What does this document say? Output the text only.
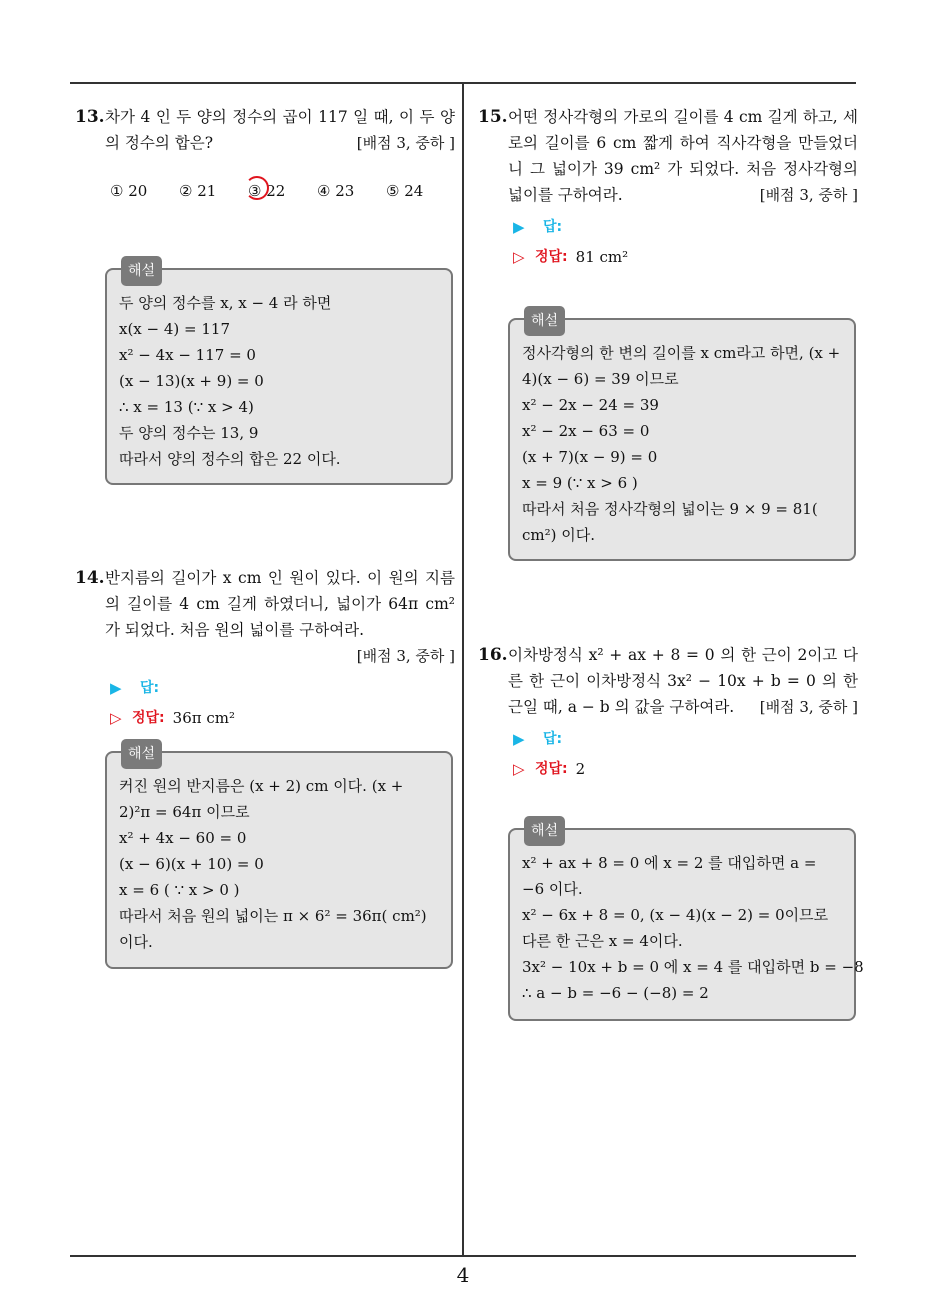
13. 차가 4 인 두 양의 정수의 곱이 117 일 때, 이 두 양의 정수의 합은?	[배점 3, 중하 ]
① 20	② 21	③ 22	④ 23	⑤ 24
해설
두 양의 정수를 x, x − 4 라 하면
x(x − 4) = 117
x² − 4x − 117 = 0
(x − 13)(x + 9) = 0
∴ x = 13 (∵ x > 4)
두 양의 정수는 13, 9
따라서 양의 정수의 합은 22 이다.
14. 반지름의 길이가 x cm 인 원이 있다. 이 원의 지름의 길이를 4 cm 길게 하였더니, 넓이가 64π cm² 가 되었다. 처음 원의 넓이를 구하여라.
[배점 3, 중하 ]
▶	답:
▷ 정답: 36π cm²
해설
커진 원의 반지름은 (x + 2) cm 이다. (x + 2)²π = 64π 이므로
x² + 4x − 60 = 0
(x − 6)(x + 10) = 0
x = 6 ( ∵ x > 0 )
따라서 처음 원의 넓이는 π × 6² = 36π( cm²) 이다.
15. 어떤 정사각형의 가로의 길이를 4 cm 길게 하고, 세로의 길이를 6 cm 짧게 하여 직사각형을 만들었더니 그 넓이가 39 cm² 가 되었다. 처음 정사각형의 넓이를 구하여라.	[배점 3, 중하 ]
▶	답:
▷ 정답: 81 cm²
해설
정사각형의 한 변의 길이를 x cm라고 하면, (x + 4)(x − 6) = 39 이므로
x² − 2x − 24 = 39
x² − 2x − 63 = 0
(x + 7)(x − 9) = 0
x = 9 (∵ x > 6 )
따라서 처음 정사각형의 넓이는 9 × 9 = 81( cm²) 이다.
16. 이차방정식 x² + ax + 8 = 0 의 한 근이 2이고 다른 한 근이 이차방정식 3x² − 10x + b = 0 의 한 근일 때, a − b 의 값을 구하여라. [배점 3, 중하 ]
▶	답:
▷ 정답: 2
해설
x² + ax + 8 = 0 에 x = 2 를 대입하면 a = −6 이다.
x² − 6x + 8 = 0, (x − 4)(x − 2) = 0이므로
다른 한 근은 x = 4이다.
3x² − 10x + b = 0 에 x = 4 를 대입하면 b = −8
∴ a − b = −6 − (−8) = 2
4
